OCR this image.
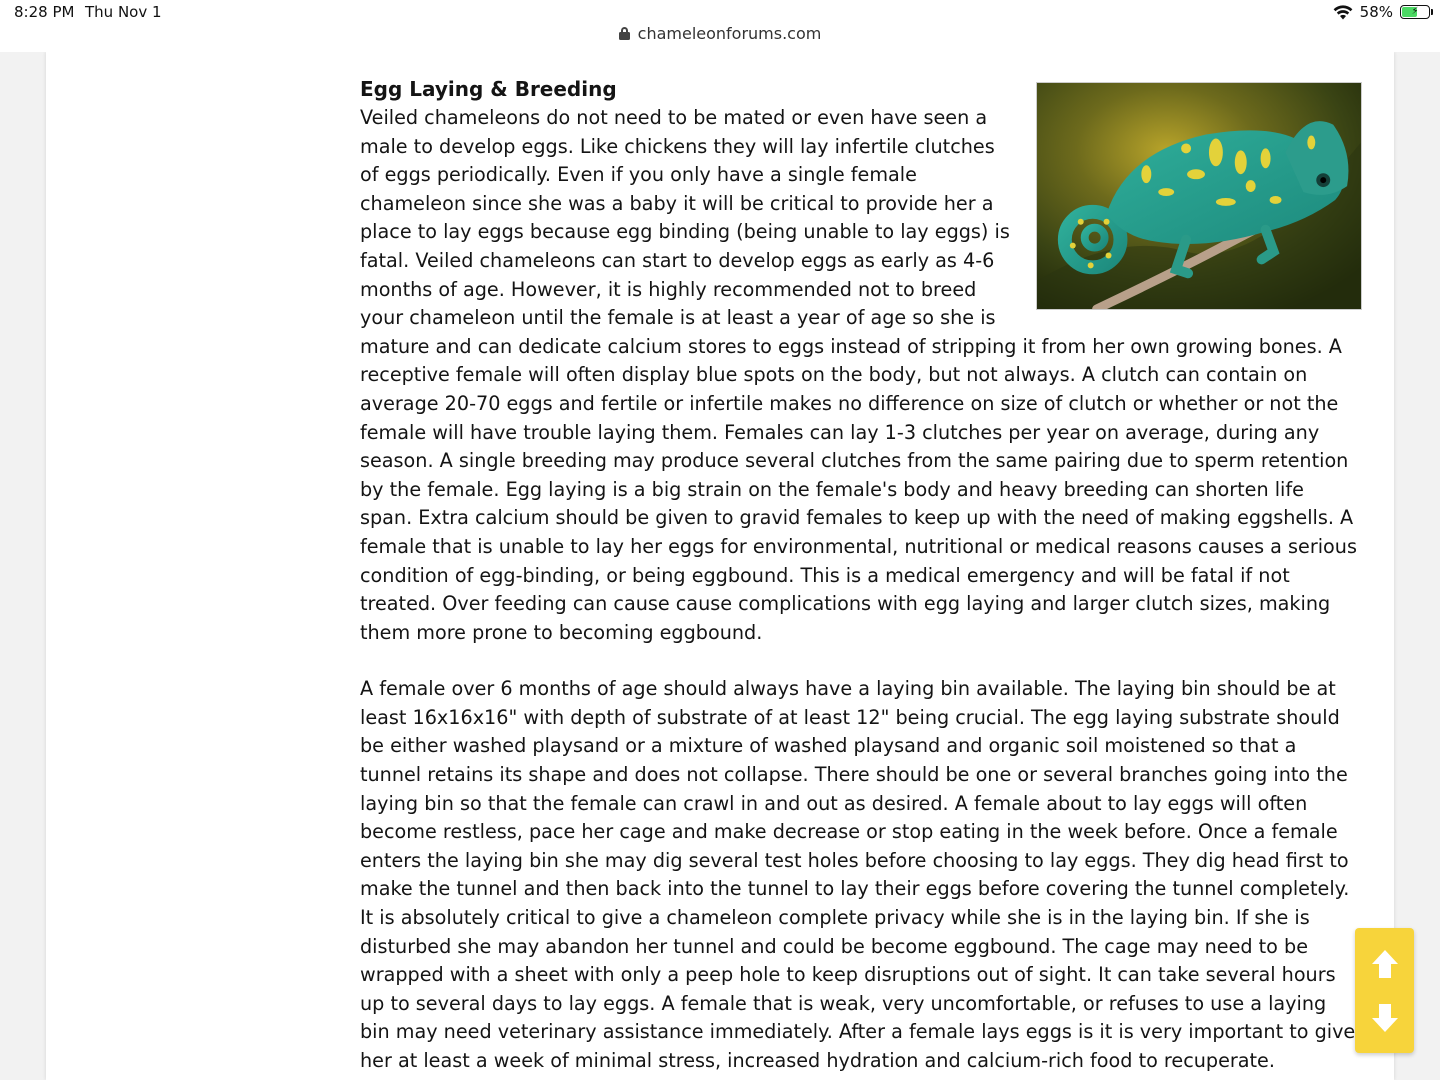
8:28 PM Thu Nov 1	58% ⚡︎
chameleonforums.com

Egg Laying & Breeding

Veiled chameleons do not need to be mated or even have seen a male to develop eggs. Like chickens they will lay infertile clutches of eggs periodically. Even if you only have a single female chameleon since she was a baby it will be critical to provide her a place to lay eggs because egg binding (being unable to lay eggs) is fatal. Veiled chameleons can start to develop eggs as early as 4-6 months of age. However, it is highly recommended not to breed your chameleon until the female is at least a year of age so she is mature and can dedicate calcium stores to eggs instead of stripping it from her own growing bones. A receptive female will often display blue spots on the body, but not always. A clutch can contain on average 20-70 eggs and fertile or infertile makes no difference on size of clutch or whether or not the female will have trouble laying them. Females can lay 1-3 clutches per year on average, during any season. A single breeding may produce several clutches from the same pairing due to sperm retention by the female. Egg laying is a big strain on the female's body and heavy breeding can shorten life span. Extra calcium should be given to gravid females to keep up with the need of making eggshells. A female that is unable to lay her eggs for environmental, nutritional or medical reasons causes a serious condition of egg-binding, or being eggbound. This is a medical emergency and will be fatal if not treated. Over feeding can cause cause complications with egg laying and larger clutch sizes, making them more prone to becoming eggbound.

A female over 6 months of age should always have a laying bin available. The laying bin should be at least 16x16x16" with depth of substrate of at least 12" being crucial. The egg laying substrate should be either washed playsand or a mixture of washed playsand and organic soil moistened so that a tunnel retains its shape and does not collapse. There should be one or several branches going into the laying bin so that the female can crawl in and out as desired. A female about to lay eggs will often become restless, pace her cage and make decrease or stop eating in the week before. Once a female enters the laying bin she may dig several test holes before choosing to lay eggs. They dig head first to make the tunnel and then back into the tunnel to lay their eggs before covering the tunnel completely. It is absolutely critical to give a chameleon complete privacy while she is in the laying bin. If she is disturbed she may abandon her tunnel and could be become eggbound. The cage may need to be wrapped with a sheet with only a peep hole to keep disruptions out of sight. It can take several hours up to several days to lay eggs. A female that is weak, very uncomfortable, or refuses to use a laying bin may need veterinary assistance immediately. After a female lays eggs is it is very important to give her at least a week of minimal stress, increased hydration and calcium-rich food to recuperate.
